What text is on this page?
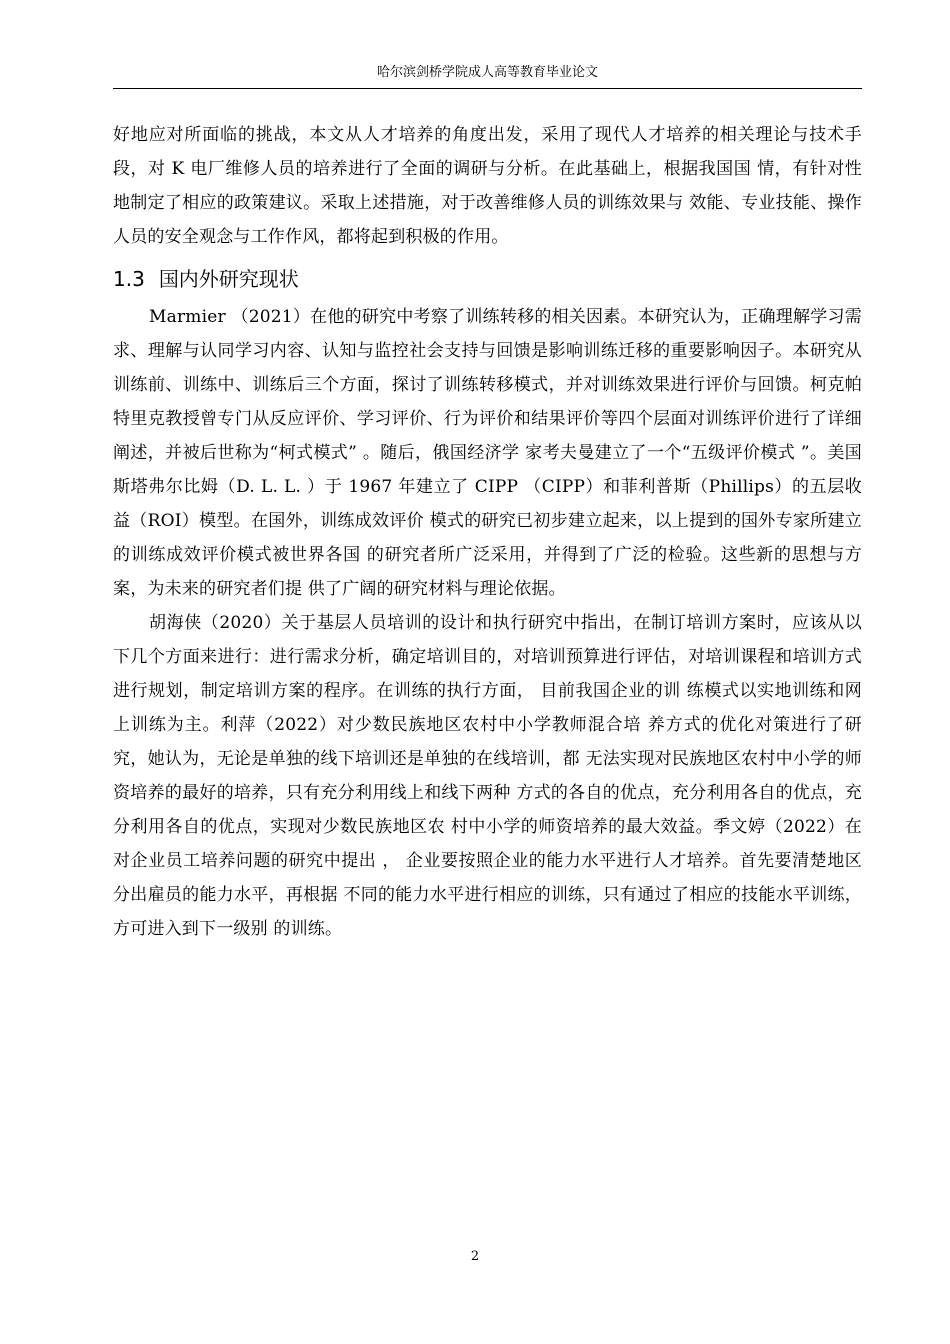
哈尔滨剑桥学院成人高等教育毕业论文

好地应对所面临的挑战，本文从人才培养的角度出发，采用了现代人才培养的相关理论与技术手段，对 K 电厂维修人员的培养进行了全面的调研与分析。在此基础上，根据我国国 情，有针对性地制定了相应的政策建议。采取上述措施，对于改善维修人员的训练效果与 效能、专业技能、操作人员的安全观念与工作作风，都将起到积极的作用。

1.3 国内外研究现状

Marmier （2021）在他的研究中考察了训练转移的相关因素。本研究认为，正确理解学习需求、理解与认同学习内容、认知与监控社会支持与回馈是影响训练迁移的重要影响因子。本研究从训练前、训练中、训练后三个方面，探讨了训练转移模式，并对训练效果进行评价与回馈。柯克帕特里克教授曾专门从反应评价、学习评价、行为评价和结果评价等四个层面对训练评价进行了详细阐述，并被后世称为“柯式模式” 。随后，俄国经济学 家考夫曼建立了一个“五级评价模式 ”。美国斯塔弗尔比姆（D. L. L. ）于 1967 年建立了 CIPP （CIPP）和菲利普斯（Phillips）的五层收益（ROI）模型。在国外，训练成效评价 模式的研究已初步建立起来，以上提到的国外专家所建立的训练成效评价模式被世界各国 的研究者所广泛采用，并得到了广泛的检验。这些新的思想与方案，为未来的研究者们提 供了广阔的研究材料与理论依据。

胡海侠（2020）关于基层人员培训的设计和执行研究中指出，在制订培训方案时，应该从以下几个方面来进行：进行需求分析，确定培训目的，对培训预算进行评估，对培训课程和培训方式进行规划，制定培训方案的程序。在训练的执行方面， 目前我国企业的训 练模式以实地训练和网上训练为主。利萍（2022）对少数民族地区农村中小学教师混合培 养方式的优化对策进行了研究，她认为，无论是单独的线下培训还是单独的在线培训，都 无法实现对民族地区农村中小学的师资培养的最好的培养，只有充分利用线上和线下两种 方式的各自的优点，充分利用各自的优点，充分利用各自的优点，实现对少数民族地区农 村中小学的师资培养的最大效益。季文婷（2022）在对企业员工培养问题的研究中提出 ， 企业要按照企业的能力水平进行人才培养。首先要清楚地区分出雇员的能力水平，再根据 不同的能力水平进行相应的训练，只有通过了相应的技能水平训练，方可进入到下一级别 的训练。

2
